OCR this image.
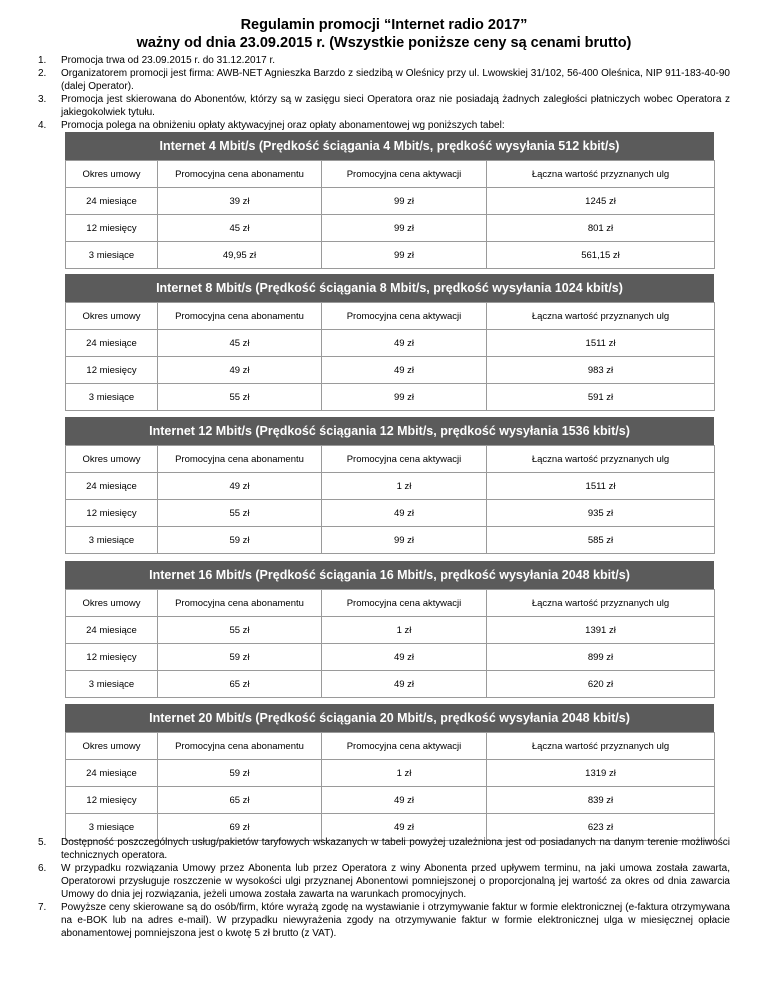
Regulamin promocji “Internet radio 2017”
ważny od dnia 23.09.2015 r. (Wszystkie poniższe ceny są cenami brutto)
1. Promocja trwa od 23.09.2015 r. do 31.12.2017 r.
2. Organizatorem promocji jest firma: AWB-NET Agnieszka Barzdo z siedzibą w Oleśnicy przy ul. Lwowskiej 31/102, 56-400 Oleśnica, NIP 911-183-40-90 (dalej Operator).
3. Promocja jest skierowana do Abonentów, którzy są w zasięgu sieci Operatora oraz nie posiadają żadnych zaległości płatniczych wobec Operatora z jakiegokolwiek tytułu.
4. Promocja polega na obniżeniu opłaty aktywacyjnej oraz opłaty abonamentowej wg poniższych tabel:
Internet 4 Mbit/s (Prędkość ściągania 4 Mbit/s, prędkość wysyłania 512 kbit/s)
Okres umowy	Promocyjna cena abonamentu	Promocyjna cena aktywacji	Łączna wartość przyznanych ulg
24 miesiące	39 zł	99 zł	1245 zł
12 miesięcy	45 zł	99 zł	801 zł
3 miesiące	49,95 zł	99 zł	561,15 zł
Internet 8 Mbit/s (Prędkość ściągania 8 Mbit/s, prędkość wysyłania 1024 kbit/s)
Okres umowy	Promocyjna cena abonamentu	Promocyjna cena aktywacji	Łączna wartość przyznanych ulg
24 miesiące	45 zł	49 zł	1511 zł
12 miesięcy	49 zł	49 zł	983 zł
3 miesiące	55 zł	99 zł	591 zł
Internet 12 Mbit/s (Prędkość ściągania 12 Mbit/s, prędkość wysyłania 1536 kbit/s)
Okres umowy	Promocyjna cena abonamentu	Promocyjna cena aktywacji	Łączna wartość przyznanych ulg
24 miesiące	49 zł	1 zł	1511 zł
12 miesięcy	55 zł	49 zł	935 zł
3 miesiące	59 zł	99 zł	585 zł
Internet 16 Mbit/s (Prędkość ściągania 16 Mbit/s, prędkość wysyłania 2048 kbit/s)
Okres umowy	Promocyjna cena abonamentu	Promocyjna cena aktywacji	Łączna wartość przyznanych ulg
24 miesiące	55 zł	1 zł	1391 zł
12 miesięcy	59 zł	49 zł	899 zł
3 miesiące	65 zł	49 zł	620 zł
Internet 20 Mbit/s (Prędkość ściągania 20 Mbit/s, prędkość wysyłania 2048 kbit/s)
Okres umowy	Promocyjna cena abonamentu	Promocyjna cena aktywacji	Łączna wartość przyznanych ulg
24 miesiące	59 zł	1 zł	1319 zł
12 miesięcy	65 zł	49 zł	839 zł
3 miesiące	69 zł	49 zł	623 zł
5. Dostępność poszczególnych usług/pakietów taryfowych wskazanych w tabeli powyżej uzależniona jest od posiadanych na danym terenie możliwości technicznych operatora.
6. W przypadku rozwiązania Umowy przez Abonenta lub przez Operatora z winy Abonenta przed upływem terminu, na jaki umowa została zawarta, Operatorowi przysługuje roszczenie w wysokości ulgi przyznanej Abonentowi pomniejszonej o proporcjonalną jej wartość za okres od dnia zawarcia Umowy do dnia jej rozwiązania, jeżeli umowa została zawarta na warunkach promocyjnych.
7. Powyższe ceny skierowane są do osób/firm, które wyrażą zgodę na wystawianie i otrzymywanie faktur w formie elektronicznej (e-faktura otrzymywana na e-BOK lub na adres e-mail). W przypadku niewyrażenia zgody na otrzymywanie faktur w formie elektronicznej ulga w miesięcznej opłacie abonamentowej pomniejszona jest o kwotę 5 zł brutto (z VAT).
